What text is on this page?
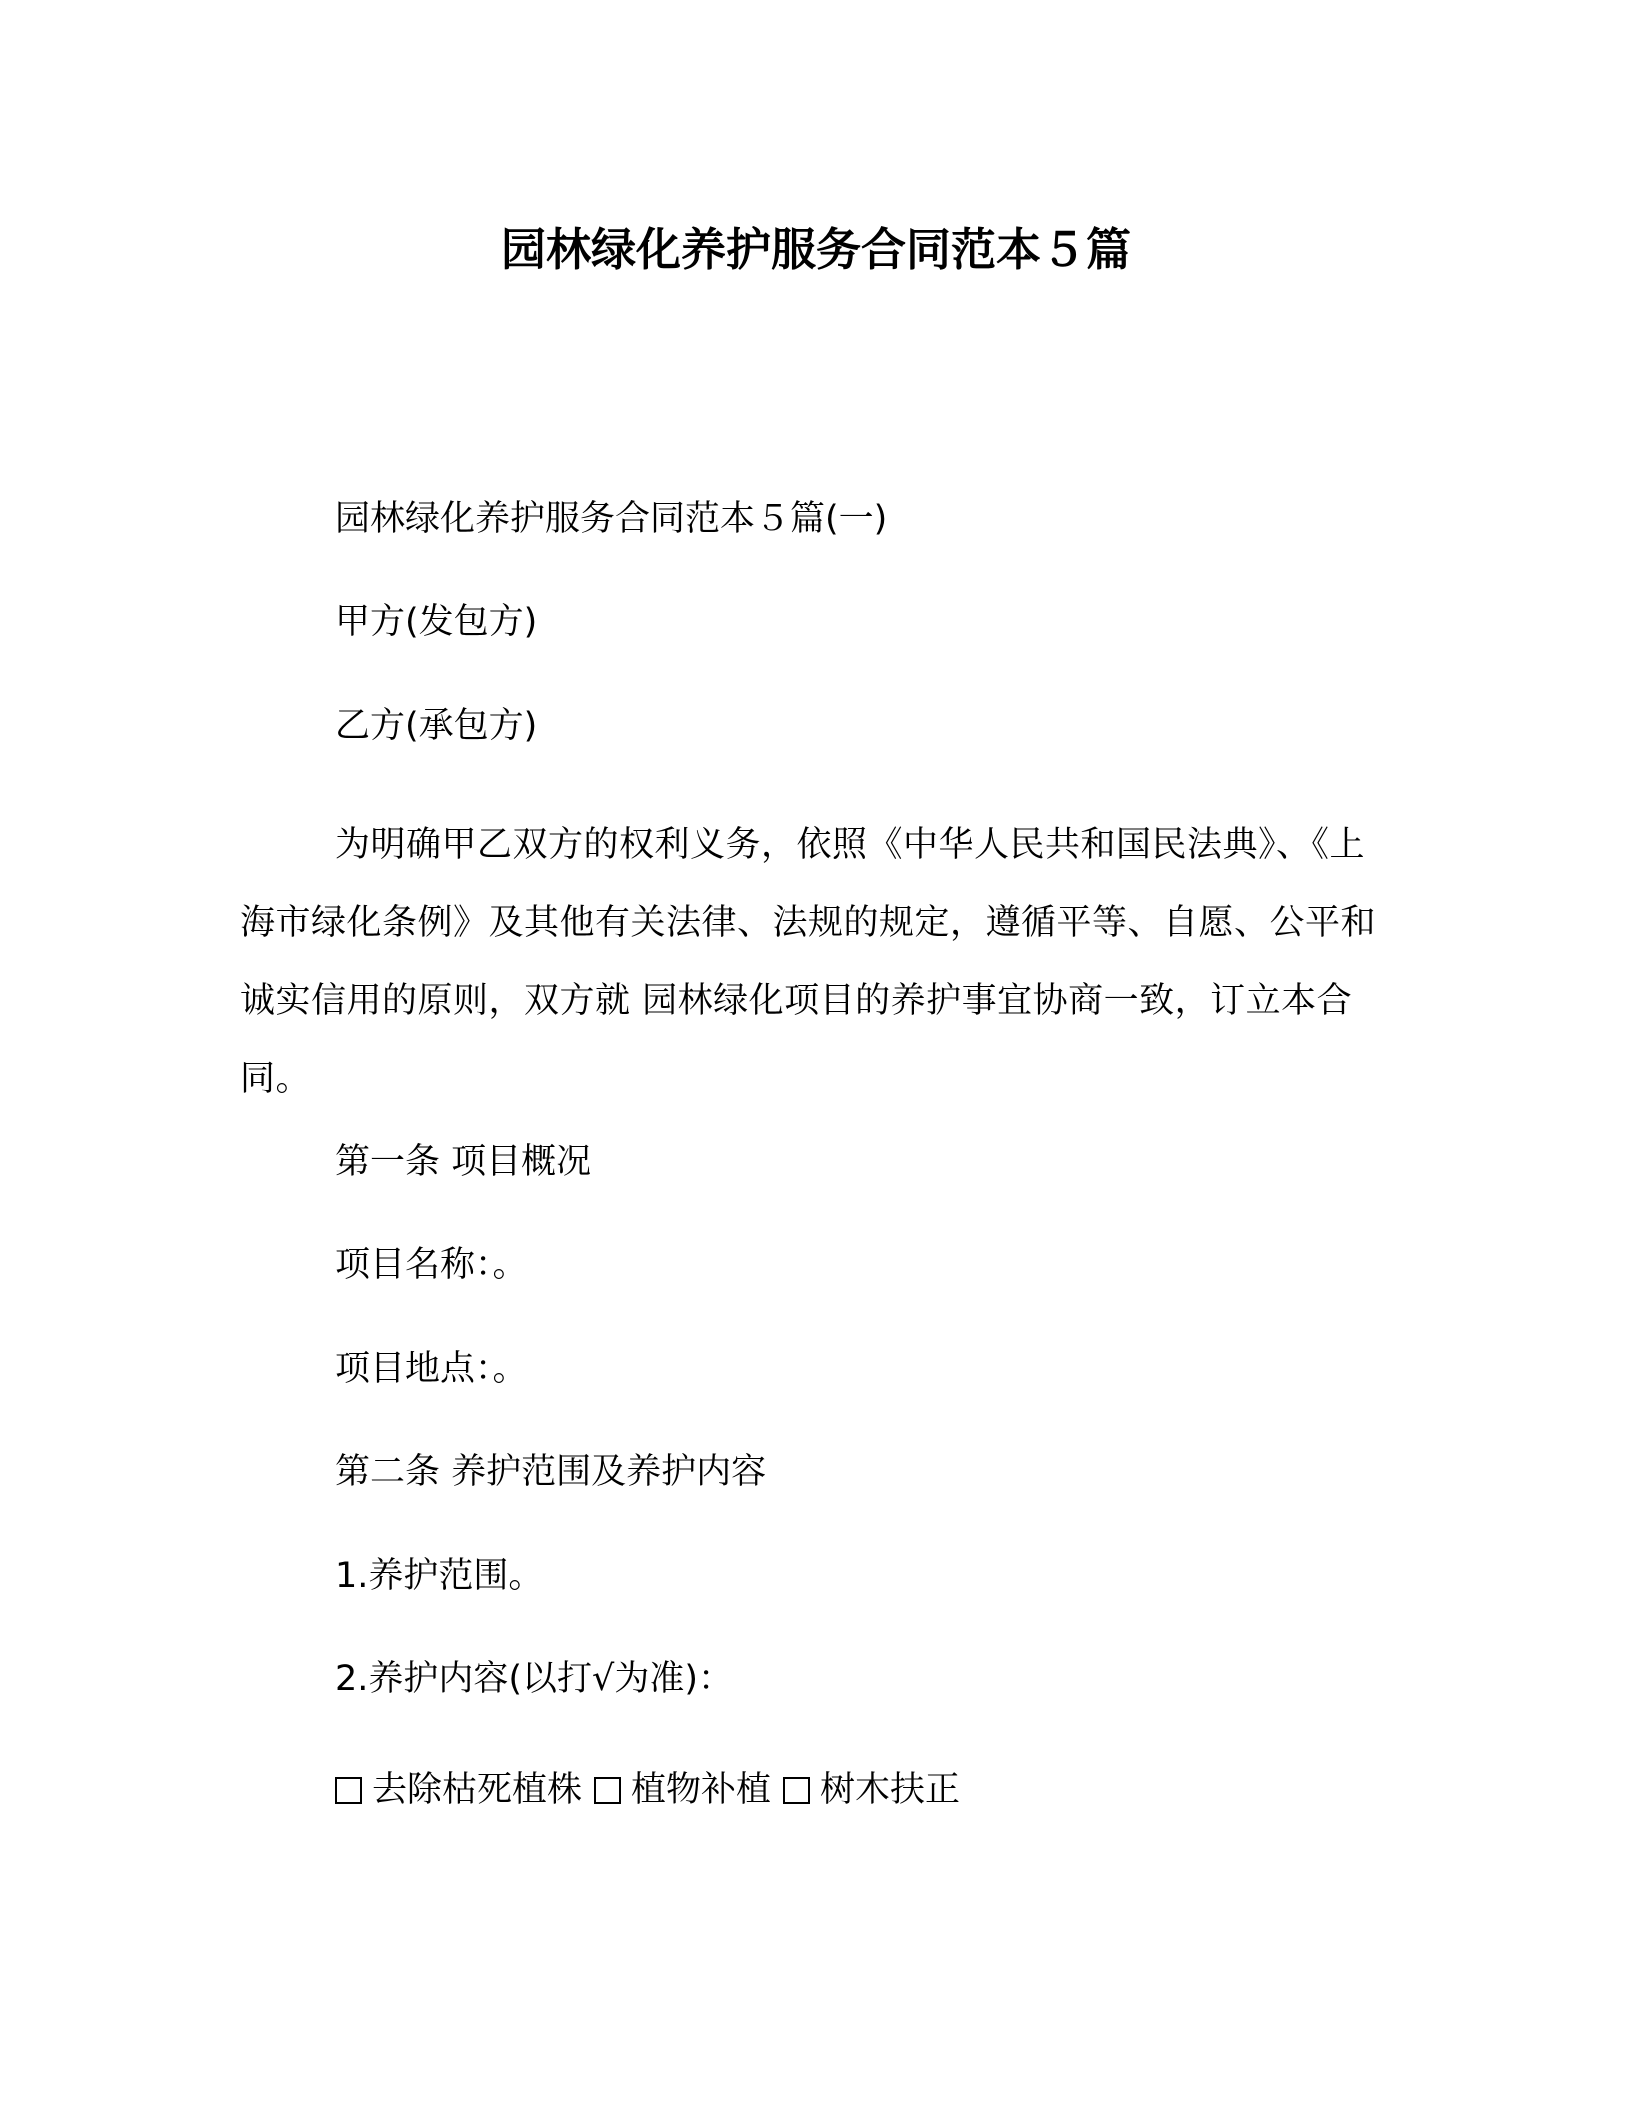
园林绿化养护服务合同范本５篇
园林绿化养护服务合同范本５篇(一)
甲方(发包方)
乙方(承包方)
为明确甲乙双方的权利义务，依照《中华人民共和国民法典》、《上海市绿化条例》及其他有关法律、法规的规定，遵循平等、自愿、公平和诚实信用的原则，双方就 园林绿化项目的养护事宜协商一致，订立本合同。
第一条 项目概况
项目名称：。
项目地点：。
第二条 养护范围及养护内容
1.养护范围。
2.养护内容(以打√为准)：
去除枯死植株 植物补植 树木扶正
